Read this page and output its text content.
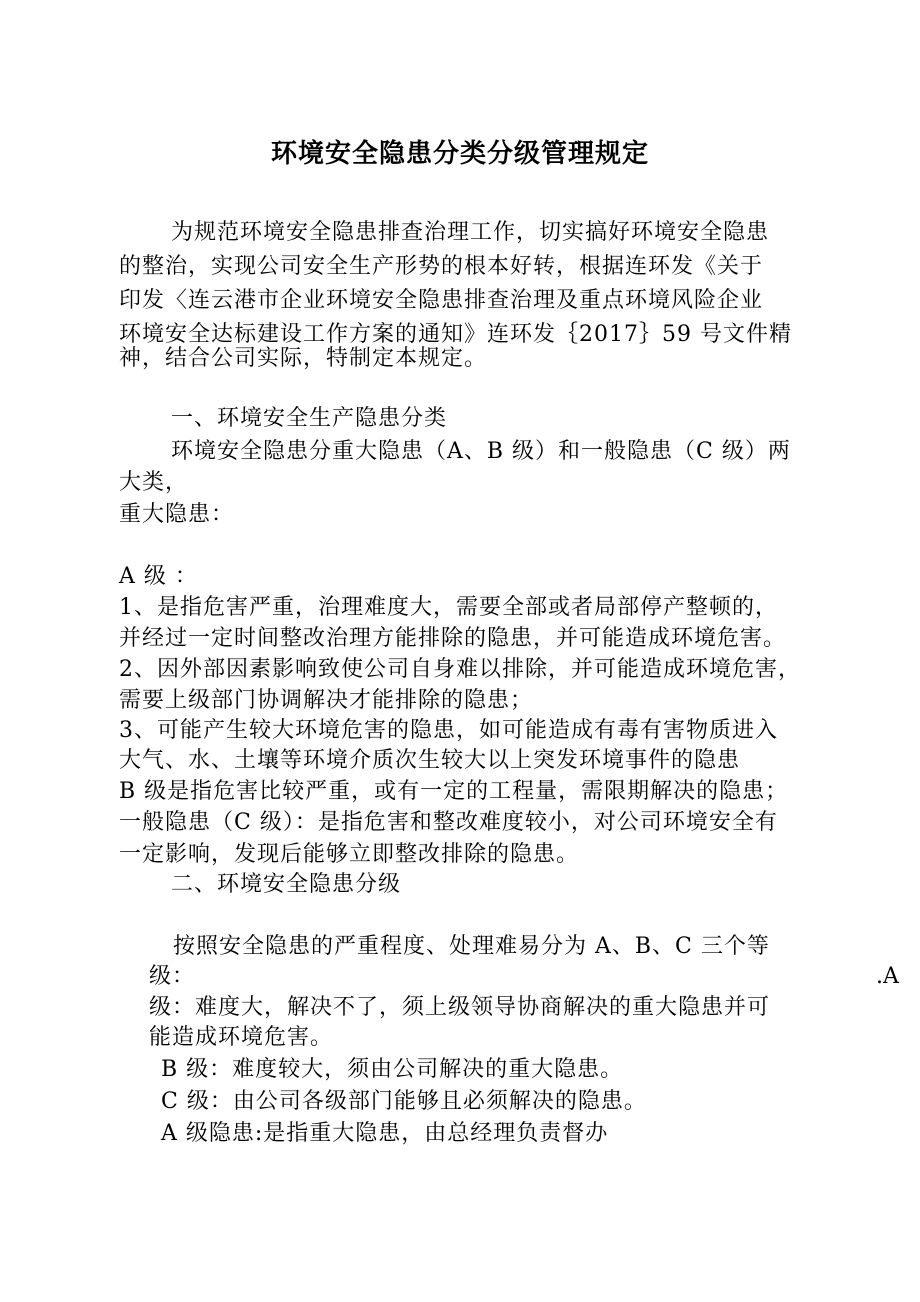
环境安全隐患分类分级管理规定
为规范环境安全隐患排查治理工作，切实搞好环境安全隐患
的整治，实现公司安全生产形势的根本好转，根据连环发《关于
印发〈连云港市企业环境安全隐患排查治理及重点环境风险企业
环境安全达标建设工作方案的通知》连环发｛2017｝59 号文件精
神，结合公司实际，特制定本规定。
一、环境安全生产隐患分类
环境安全隐患分重大隐患（A、B 级）和一般隐患（C 级）两
大类，
重大隐患：
A 级 ：
1、是指危害严重，治理难度大，需要全部或者局部停产整顿的，
并经过一定时间整改治理方能排除的隐患，并可能造成环境危害。
2、因外部因素影响致使公司自身难以排除，并可能造成环境危害，
需要上级部门协调解决才能排除的隐患；
3、可能产生较大环境危害的隐患，如可能造成有毒有害物质进入
大气、水、土壤等环境介质次生较大以上突发环境事件的隐患
B 级是指危害比较严重，或有一定的工程量，需限期解决的隐患；
一般隐患（C 级）：是指危害和整改难度较小，对公司环境安全有
一定影响，发现后能够立即整改排除的隐患。
二、环境安全隐患分级
按照安全隐患的严重程度、处理难易分为 A、B、C 三个等
级：	.A
级：难度大，解决不了，须上级领导协商解决的重大隐患并可
能造成环境危害。
B 级：难度较大，须由公司解决的重大隐患。
C 级：由公司各级部门能够且必须解决的隐患。
A 级隐患:是指重大隐患，由总经理负责督办
